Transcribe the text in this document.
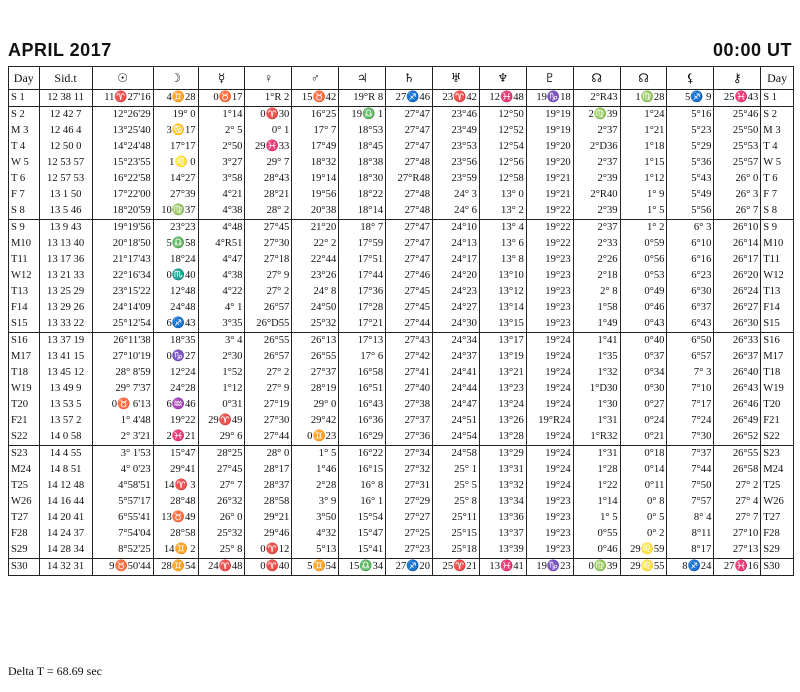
APRIL 2017	00:00 UT
Day	Sid.t	☉	☽	☿	♀	♂	♃	♄	♅	♆	♇	☊	☊	⚸	⚷	Day
S 1	12 38 11	11♈27'16	4♊28	0♉17	1°R 2	15♉42	19°R 8	27♐46	23♈42	12♓48	19♑18	2°R43	1♍28	5♐ 9	25♓43	S 1
S 2	12 42 7	12°26'29	19° 0	1°14	0♈30	16°25	19♎ 1	27°47	23°46	12°50	19°19	2♍39	1°24	5°16	25°46	S 2
M 3	12 46 4	13°25'40	3♋17	2° 5	0° 1	17° 7	18°53	27°47	23°49	12°52	19°19	2°37	1°21	5°23	25°50	M 3
T 4	12 50 0	14°24'48	17°17	2°50	29♓33	17°49	18°45	27°47	23°53	12°54	19°20	2°D36	1°18	5°29	25°53	T 4
W 5	12 53 57	15°23'55	1♌ 0	3°27	29° 7	18°32	18°38	27°48	23°56	12°56	19°20	2°37	1°15	5°36	25°57	W 5
T 6	12 57 53	16°22'58	14°27	3°58	28°43	19°14	18°30	27°R48	23°59	12°58	19°21	2°39	1°12	5°43	26° 0	T 6
F 7	13 1 50	17°22'00	27°39	4°21	28°21	19°56	18°22	27°48	24° 3	13° 0	19°21	2°R40	1° 9	5°49	26° 3	F 7
S 8	13 5 46	18°20'59	10♍37	4°38	28° 2	20°38	18°14	27°48	24° 6	13° 2	19°22	2°39	1° 5	5°56	26° 7	S 8
S 9	13 9 43	19°19'56	23°23	4°48	27°45	21°20	18° 7	27°47	24°10	13° 4	19°22	2°37	1° 2	6° 3	26°10	S 9
M10	13 13 40	20°18'50	5♎58	4°R51	27°30	22° 2	17°59	27°47	24°13	13° 6	19°22	2°33	0°59	6°10	26°14	M10
T11	13 17 36	21°17'43	18°24	4°47	27°18	22°44	17°51	27°47	24°17	13° 8	19°23	2°26	0°56	6°16	26°17	T11
W12	13 21 33	22°16'34	0♏40	4°38	27° 9	23°26	17°44	27°46	24°20	13°10	19°23	2°18	0°53	6°23	26°20	W12
T13	13 25 29	23°15'22	12°48	4°22	27° 2	24° 8	17°36	27°45	24°23	13°12	19°23	2° 8	0°49	6°30	26°24	T13
F14	13 29 26	24°14'09	24°48	4° 1	26°57	24°50	17°28	27°45	24°27	13°14	19°23	1°58	0°46	6°37	26°27	F14
S15	13 33 22	25°12'54	6♐43	3°35	26°D55	25°32	17°21	27°44	24°30	13°15	19°23	1°49	0°43	6°43	26°30	S15
S16	13 37 19	26°11'38	18°35	3° 4	26°55	26°13	17°13	27°43	24°34	13°17	19°24	1°41	0°40	6°50	26°33	S16
M17	13 41 15	27°10'19	0♑27	2°30	26°57	26°55	17° 6	27°42	24°37	13°19	19°24	1°35	0°37	6°57	26°37	M17
T18	13 45 12	28° 8'59	12°24	1°52	27° 2	27°37	16°58	27°41	24°41	13°21	19°24	1°32	0°34	7° 3	26°40	T18
W19	13 49 9	29° 7'37	24°28	1°12	27° 9	28°19	16°51	27°40	24°44	13°23	19°24	1°D30	0°30	7°10	26°43	W19
T20	13 53 5	0♉ 6'13	6♒46	0°31	27°19	29° 0	16°43	27°38	24°47	13°24	19°24	1°30	0°27	7°17	26°46	T20
F21	13 57 2	1° 4'48	19°22	29♈49	27°30	29°42	16°36	27°37	24°51	13°26	19°R24	1°31	0°24	7°24	26°49	F21
S22	14 0 58	2° 3'21	2♓21	29° 6	27°44	0♊23	16°29	27°36	24°54	13°28	19°24	1°R32	0°21	7°30	26°52	S22
S23	14 4 55	3° 1'53	15°47	28°25	28° 0	1° 5	16°22	27°34	24°58	13°29	19°24	1°31	0°18	7°37	26°55	S23
M24	14 8 51	4° 0'23	29°41	27°45	28°17	1°46	16°15	27°32	25° 1	13°31	19°24	1°28	0°14	7°44	26°58	M24
T25	14 12 48	4°58'51	14♈ 3	27° 7	28°37	2°28	16° 8	27°31	25° 5	13°32	19°24	1°22	0°11	7°50	27° 2	T25
W26	14 16 44	5°57'17	28°48	26°32	28°58	3° 9	16° 1	27°29	25° 8	13°34	19°23	1°14	0° 8	7°57	27° 4	W26
T27	14 20 41	6°55'41	13♉49	26° 0	29°21	3°50	15°54	27°27	25°11	13°36	19°23	1° 5	0° 5	8° 4	27° 7	T27
F28	14 24 37	7°54'04	28°58	25°32	29°46	4°32	15°47	27°25	25°15	13°37	19°23	0°55	0° 2	8°11	27°10	F28
S29	14 28 34	8°52'25	14♊ 2	25° 8	0♈12	5°13	15°41	27°23	25°18	13°39	19°23	0°46	29♌59	8°17	27°13	S29
S30	14 32 31	9♉50'44	28♊54	24♈48	0♈40	5♊54	15♎34	27♐20	25♈21	13♓41	19♑23	0♍39	29♌55	8♐24	27♓16	S30
Delta T = 68.69 sec
